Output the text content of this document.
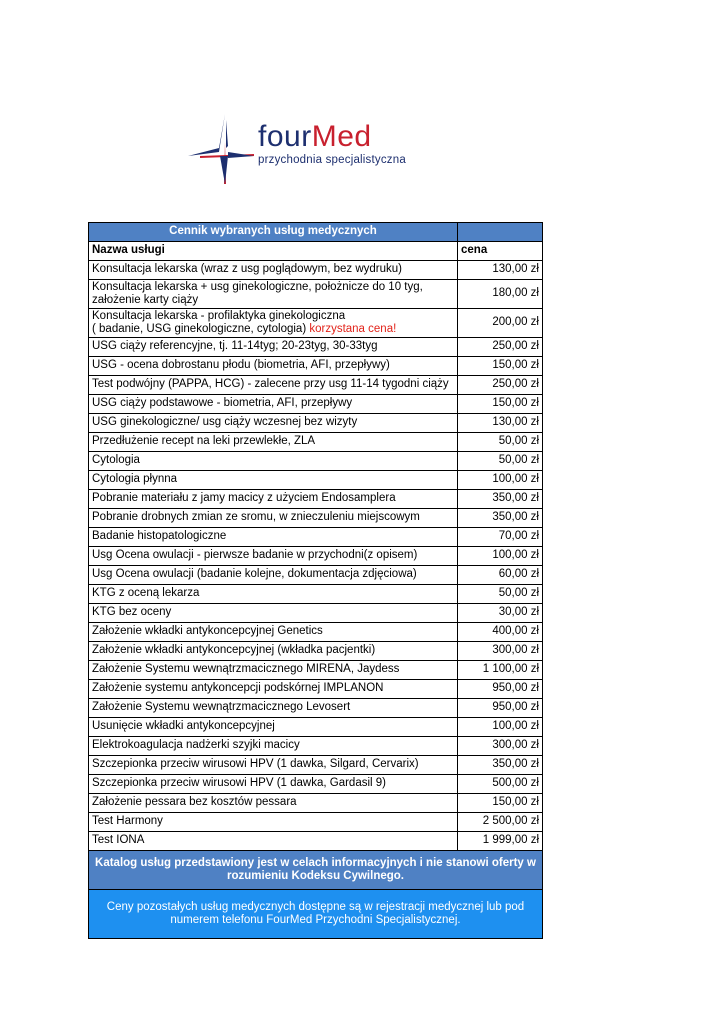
fourMed
przychodnia specjalistyczna
Cennik wybranych usług medycznych	
Nazwa usługi	cena
Konsultacja lekarska (wraz z usg poglądowym, bez wydruku)	130,00 zł
Konsultacja lekarska + usg ginekologiczne, położnicze do 10 tyg,
założenie karty ciąży	180,00 zł
Konsultacja lekarska - profilaktyka ginekologiczna
( badanie, USG ginekologiczne, cytologia) korzystana cena!	200,00 zł
USG ciąży referencyjne, tj. 11-14tyg; 20-23tyg, 30-33tyg	250,00 zł
USG - ocena dobrostanu płodu (biometria, AFI, przepływy)	150,00 zł
Test podwójny (PAPPA, HCG) - zalecene przy usg 11-14 tygodni ciąży	250,00 zł
USG ciąży podstawowe - biometria, AFI, przepływy	150,00 zł
USG ginekologiczne/ usg ciąży wczesnej bez wizyty	130,00 zł
Przedłużenie recept na leki przewlekłe, ZLA	50,00 zł
Cytologia	50,00 zł
Cytologia płynna	100,00 zł
Pobranie materiału z jamy macicy z użyciem Endosamplera	350,00 zł
Pobranie drobnych zmian ze sromu, w znieczuleniu miejscowym	350,00 zł
Badanie histopatologiczne	70,00 zł
Usg Ocena owulacji - pierwsze badanie w przychodni(z opisem)	100,00 zł
Usg Ocena owulacji (badanie kolejne, dokumentacja zdjęciowa)	60,00 zł
KTG z oceną lekarza	50,00 zł
KTG bez oceny	30,00 zł
Założenie wkładki antykoncepcyjnej Genetics	400,00 zł
Założenie wkładki antykoncepcyjnej (wkładka pacjentki)	300,00 zł
Założenie Systemu wewnątrzmacicznego MIRENA, Jaydess	1 100,00 zł
Założenie systemu antykoncepcji podskórnej IMPLANON	950,00 zł
Założenie Systemu wewnątrzmacicznego Levosert	950,00 zł
Usunięcie wkładki antykoncepcyjnej	100,00 zł
Elektrokoagulacja nadżerki szyjki macicy	300,00 zł
Szczepionka przeciw wirusowi HPV (1 dawka, Silgard, Cervarix)	350,00 zł
Szczepionka przeciw wirusowi HPV (1 dawka, Gardasil 9)	500,00 zł
Założenie pessara bez kosztów pessara	150,00 zł
Test Harmony	2 500,00 zł
Test IONA	1 999,00 zł
Katalog usług przedstawiony jest w celach informacyjnych i nie stanowi oferty w rozumieniu Kodeksu Cywilnego.	
Ceny pozostałych usług medycznych dostępne są w rejestracji medycznej lub pod numerem telefonu FourMed Przychodni Specjalistycznej.	
